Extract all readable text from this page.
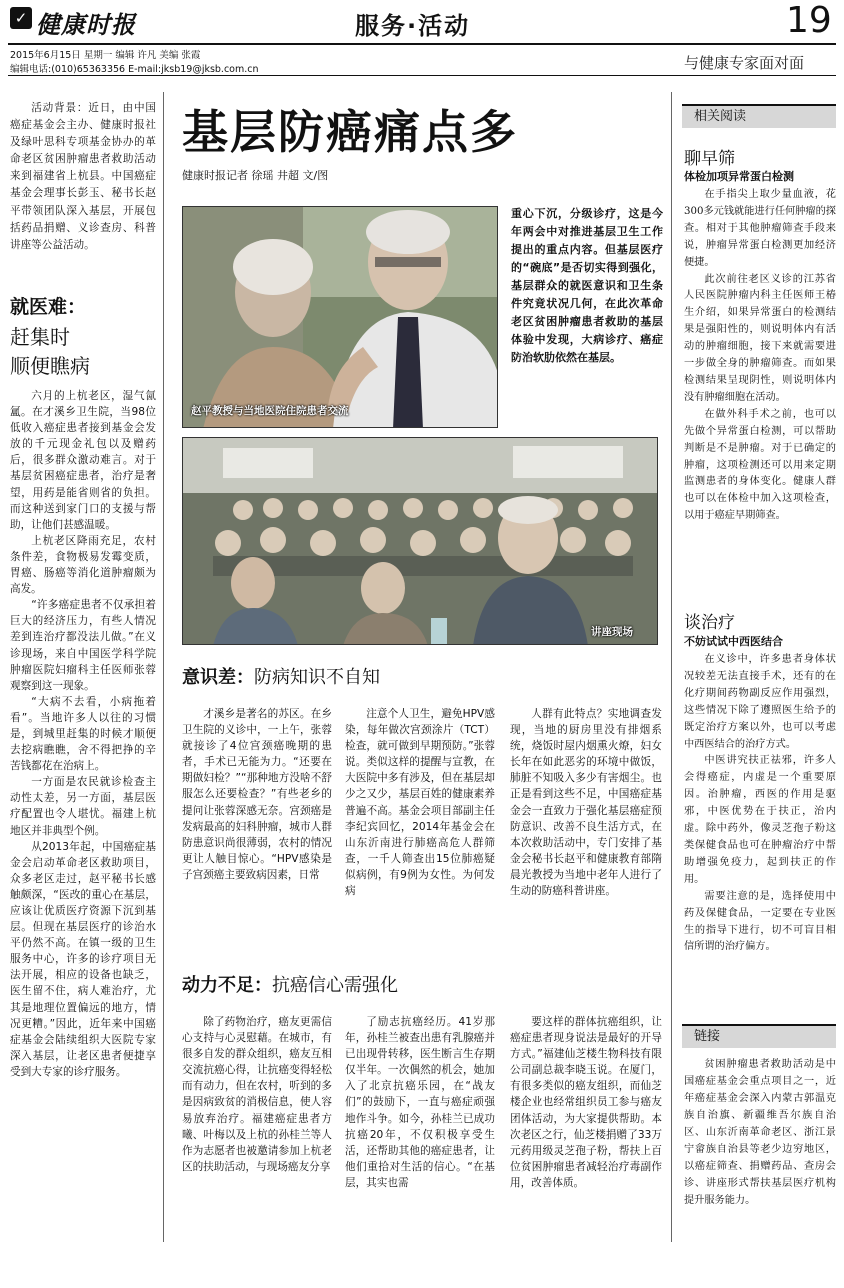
✓ 健康时报	服务·活动	19
2015年6月15日 星期一 编辑 许凡 美编 张霞
编辑电话:(010)65363356 E-mail:jksb19@jksb.com.cn	与健康专家面对面

活动背景：近日，由中国癌症基金会主办、健康时报社及绿叶思科专项基金协办的革命老区贫困肿瘤患者救助活动来到福建省上杭县。中国癌症基金会理事长彭玉、秘书长赵平带领团队深入基层，开展包括药品捐赠、义诊查房、科普讲座等公益活动。

就医难：
赶集时
顺便瞧病

六月的上杭老区，湿气氤氲。在才溪乡卫生院，当98位低收入癌症患者接到基金会发放的千元现金礼包以及赠药后，很多群众激动难言。对于基层贫困癌症患者，治疗是奢望，用药是能省则省的负担。而这种送到家门口的支援与帮助，让他们甚感温暖。

上杭老区降雨充足，农村条件差，食物极易发霉变质，胃癌、肠癌等消化道肿瘤颇为高发。

“许多癌症患者不仅承担着巨大的经济压力，有些人情况差到连治疗都没法儿做。”在义诊现场，来自中国医学科学院肿瘤医院妇瘤科主任医师张蓉观察到这一现象。

“大病不去看，小病拖着看”。当地许多人以往的习惯是，到城里赶集的时候才顺便去挖病瞧瞧，舍不得把挣的辛苦钱都花在治病上。

一方面是农民就诊检查主动性太差，另一方面，基层医疗配置也令人堪忧。福建上杭地区并非典型个例。

从2013年起，中国癌症基金会启动革命老区救助项目，众多老区走过，赵平秘书长感触颇深，“医改的重心在基层，应该让优质医疗资源下沉到基层。但现在基层医疗的诊治水平仍然不高。在镇一级的卫生服务中心，许多的诊疗项目无法开展，相应的设备也缺乏，医生留不住，病人难治疗，尤其是地理位置偏远的地方，情况更糟。”因此，近年来中国癌症基金会陆续组织大医院专家深入基层，让老区患者便捷享受到大专家的诊疗服务。

基层防癌痛点多
健康时报记者 徐瑶 井超 文/图
赵平教授与当地医院住院患者交流
重心下沉，分级诊疗，这是今年两会中对推进基层卫生工作提出的重点内容。但基层医疗的“碗底”是否切实得到强化，基层群众的就医意识和卫生条件究竟状况几何，在此次革命老区贫困肿瘤患者救助的基层体验中发现，大病诊疗、癌症防治软肋依然在基层。
讲座现场
意识差：防病知识不自知

才溪乡是著名的苏区。在乡卫生院的义诊中，一上午，张蓉就接诊了4位宫颈癌晚期的患者，手术已无能为力。“还要在期做妇检？”“那种地方没啥不舒服怎么还要检查？”有些老乡的提问让张蓉深感无奈。宫颈癌是发病最高的妇科肿瘤，城市人群防患意识尚很薄弱，农村的情况更让人触目惊心。“HPV感染是子宫颈癌主要致病因素，日常

注意个人卫生，避免HPV感染，每年做次宫颈涂片（TCT）检查，就可做到早期预防。”张蓉说。类似这样的提醒与宣教，在大医院中多有涉及，但在基层却少之又少，基层百姓的健康素养普遍不高。基金会项目部副主任李纪宾回忆，2014年基金会在山东沂南进行肺癌高危人群筛查，一千人筛查出15位肺癌疑似病例，有9例为女性。为何发病

人群有此特点？实地调查发现，当地的厨房里没有排烟系统，烧饭时屋内烟熏火燎，妇女长年在如此恶劣的环境中做饭，肺脏不知吸入多少有害烟尘。也正是看到这些不足，中国癌症基金会一直致力于强化基层癌症预防意识、改善不良生活方式，在本次救助活动中，专门安排了基金会秘书长赵平和健康教育部隋晨光教授为当地中老年人进行了生动的防癌科普讲座。

动力不足：抗癌信心需强化

除了药物治疗，癌友更需信心支持与心灵慰藉。在城市，有很多自发的群众组织，癌友互相交流抗癌心得，让抗癌变得轻松而有动力，但在农村，听到的多是因病致贫的消极信息，使人容易放弃治疗。福建癌症患者方曦、叶梅以及上杭的孙桂兰等人作为志愿者也被邀请参加上杭老区的扶助活动，与现场癌友分享

了励志抗癌经历。41岁那年，孙桂兰被查出患有乳腺癌并已出现骨转移，医生断言生存期仅半年。一次偶然的机会，她加入了北京抗癌乐园，在“战友们”的鼓励下，一直与癌症顽强地作斗争。如今，孙桂兰已成功抗癌20年，不仅积极享受生活，还帮助其他的癌症患者，让他们重拾对生活的信心。“在基层，其实也需

要这样的群体抗癌组织，让癌症患者现身说法是最好的开导方式。”福建仙芝楼生物科技有限公司副总裁李晓玉说。在厦门，有很多类似的癌友组织，而仙芝楼企业也经常组织员工参与癌友团体活动，为大家提供帮助。本次老区之行，仙芝楼捐赠了33万元药用级灵芝孢子粉，帮扶上百位贫困肿瘤患者减轻治疗毒副作用，改善体质。

相关阅读
聊早筛
体检加项异常蛋白检测

在手指尖上取少量血液，花300多元钱就能进行任何肿瘤的探查。相对于其他肿瘤筛查手段来说，肿瘤异常蛋白检测更加经济便捷。

此次前往老区义诊的江苏省人民医院肿瘤内科主任医师王椿生介绍，如果异常蛋白的检测结果是强阳性的，则说明体内有活动的肿瘤细胞，接下来就需要进一步做全身的肿瘤筛查。而如果检测结果呈现阴性，则说明体内没有肿瘤细胞在活动。

在做外科手术之前，也可以先做个异常蛋白检测，可以帮助判断是不是肿瘤。对于已确定的肿瘤，这项检测还可以用来定期监测患者的身体变化。健康人群也可以在体检中加入这项检查，以用于癌症早期筛查。

谈治疗
不妨试试中西医结合

在义诊中，许多患者身体状况较差无法直接手术，还有的在化疗期间药物副反应作用强烈，这些情况下除了遵照医生给予的既定治疗方案以外，也可以考虑中西医结合的治疗方式。

中医讲究扶正祛邪，许多人会得癌症，内虚是一个重要原因。治肿瘤，西医的作用是驱邪，中医优势在于扶正，治内虚。除中药外，像灵芝孢子粉这类保健食品也可在肿瘤治疗中帮助增强免疫力，起到扶正的作用。

需要注意的是，选择使用中药及保健食品，一定要在专业医生的指导下进行，切不可盲目相信所谓的治疗偏方。

链接

贫困肿瘤患者救助活动是中国癌症基金会重点项目之一，近年癌症基金会深入内蒙古郭温克族自治旗、新疆维吾尔族自治区、山东沂南革命老区、浙江景宁畲族自治县等老少边穷地区，以癌症筛查、捐赠药品、查房会诊、讲座形式帮扶基层医疗机构提升服务能力。
